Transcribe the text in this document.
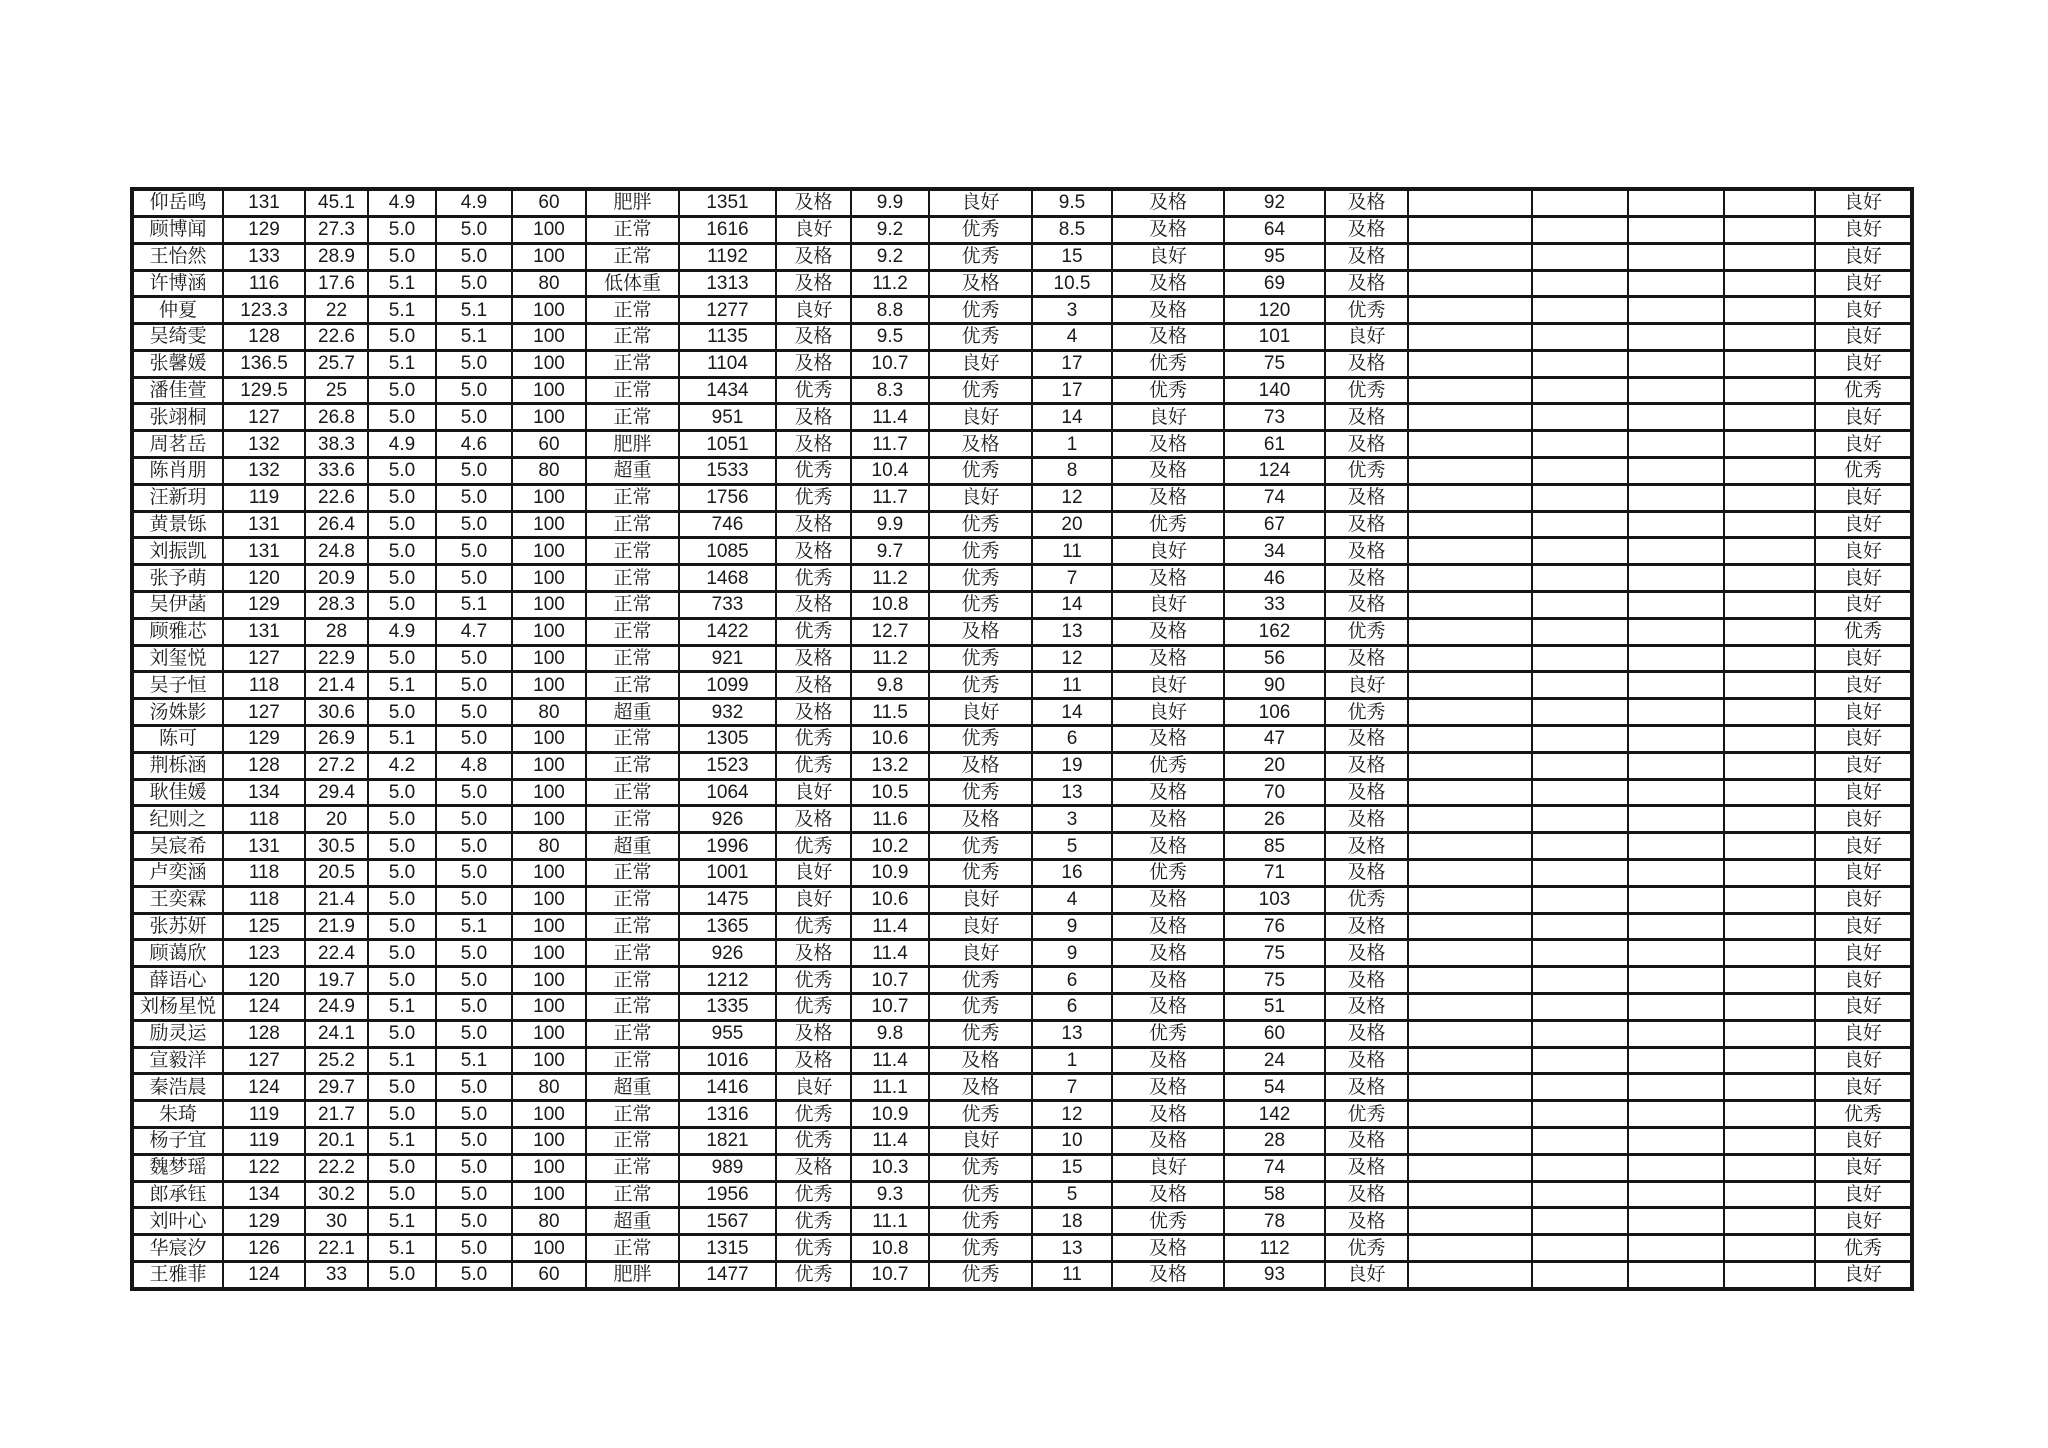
仰岳鸣	131	45.1	4.9	4.9	60	肥胖	1351	及格	9.9	良好	9.5	及格	92	及格					良好
顾博闻	129	27.3	5.0	5.0	100	正常	1616	良好	9.2	优秀	8.5	及格	64	及格					良好
王怡然	133	28.9	5.0	5.0	100	正常	1192	及格	9.2	优秀	15	良好	95	及格					良好
许博涵	116	17.6	5.1	5.0	80	低体重	1313	及格	11.2	及格	10.5	及格	69	及格					良好
仲夏	123.3	22	5.1	5.1	100	正常	1277	良好	8.8	优秀	3	及格	120	优秀					良好
吴绮雯	128	22.6	5.0	5.1	100	正常	1135	及格	9.5	优秀	4	及格	101	良好					良好
张馨媛	136.5	25.7	5.1	5.0	100	正常	1104	及格	10.7	良好	17	优秀	75	及格					良好
潘佳萱	129.5	25	5.0	5.0	100	正常	1434	优秀	8.3	优秀	17	优秀	140	优秀					优秀
张翊桐	127	26.8	5.0	5.0	100	正常	951	及格	11.4	良好	14	良好	73	及格					良好
周茗岳	132	38.3	4.9	4.6	60	肥胖	1051	及格	11.7	及格	1	及格	61	及格					良好
陈肖朋	132	33.6	5.0	5.0	80	超重	1533	优秀	10.4	优秀	8	及格	124	优秀					优秀
汪新玥	119	22.6	5.0	5.0	100	正常	1756	优秀	11.7	良好	12	及格	74	及格					良好
黄景铄	131	26.4	5.0	5.0	100	正常	746	及格	9.9	优秀	20	优秀	67	及格					良好
刘振凯	131	24.8	5.0	5.0	100	正常	1085	及格	9.7	优秀	11	良好	34	及格					良好
张予萌	120	20.9	5.0	5.0	100	正常	1468	优秀	11.2	优秀	7	及格	46	及格					良好
吴伊菡	129	28.3	5.0	5.1	100	正常	733	及格	10.8	优秀	14	良好	33	及格					良好
顾雅芯	131	28	4.9	4.7	100	正常	1422	优秀	12.7	及格	13	及格	162	优秀					优秀
刘玺悦	127	22.9	5.0	5.0	100	正常	921	及格	11.2	优秀	12	及格	56	及格					良好
吴子恒	118	21.4	5.1	5.0	100	正常	1099	及格	9.8	优秀	11	良好	90	良好					良好
汤姝影	127	30.6	5.0	5.0	80	超重	932	及格	11.5	良好	14	良好	106	优秀					良好
陈可	129	26.9	5.1	5.0	100	正常	1305	优秀	10.6	优秀	6	及格	47	及格					良好
荆栎涵	128	27.2	4.2	4.8	100	正常	1523	优秀	13.2	及格	19	优秀	20	及格					良好
耿佳媛	134	29.4	5.0	5.0	100	正常	1064	良好	10.5	优秀	13	及格	70	及格					良好
纪则之	118	20	5.0	5.0	100	正常	926	及格	11.6	及格	3	及格	26	及格					良好
吴宸希	131	30.5	5.0	5.0	80	超重	1996	优秀	10.2	优秀	5	及格	85	及格					良好
卢奕涵	118	20.5	5.0	5.0	100	正常	1001	良好	10.9	优秀	16	优秀	71	及格					良好
王奕霖	118	21.4	5.0	5.0	100	正常	1475	良好	10.6	良好	4	及格	103	优秀					良好
张苏妍	125	21.9	5.0	5.1	100	正常	1365	优秀	11.4	良好	9	及格	76	及格					良好
顾蔼欣	123	22.4	5.0	5.0	100	正常	926	及格	11.4	良好	9	及格	75	及格					良好
薛语心	120	19.7	5.0	5.0	100	正常	1212	优秀	10.7	优秀	6	及格	75	及格					良好
刘杨星悦	124	24.9	5.1	5.0	100	正常	1335	优秀	10.7	优秀	6	及格	51	及格					良好
励灵运	128	24.1	5.0	5.0	100	正常	955	及格	9.8	优秀	13	优秀	60	及格					良好
宣毅洋	127	25.2	5.1	5.1	100	正常	1016	及格	11.4	及格	1	及格	24	及格					良好
秦浩晨	124	29.7	5.0	5.0	80	超重	1416	良好	11.1	及格	7	及格	54	及格					良好
朱琦	119	21.7	5.0	5.0	100	正常	1316	优秀	10.9	优秀	12	及格	142	优秀					优秀
杨子宜	119	20.1	5.1	5.0	100	正常	1821	优秀	11.4	良好	10	及格	28	及格					良好
魏梦瑶	122	22.2	5.0	5.0	100	正常	989	及格	10.3	优秀	15	良好	74	及格					良好
郎承钰	134	30.2	5.0	5.0	100	正常	1956	优秀	9.3	优秀	5	及格	58	及格					良好
刘叶心	129	30	5.1	5.0	80	超重	1567	优秀	11.1	优秀	18	优秀	78	及格					良好
华宸汐	126	22.1	5.1	5.0	100	正常	1315	优秀	10.8	优秀	13	及格	112	优秀					优秀
王雅菲	124	33	5.0	5.0	60	肥胖	1477	优秀	10.7	优秀	11	及格	93	良好					良好
